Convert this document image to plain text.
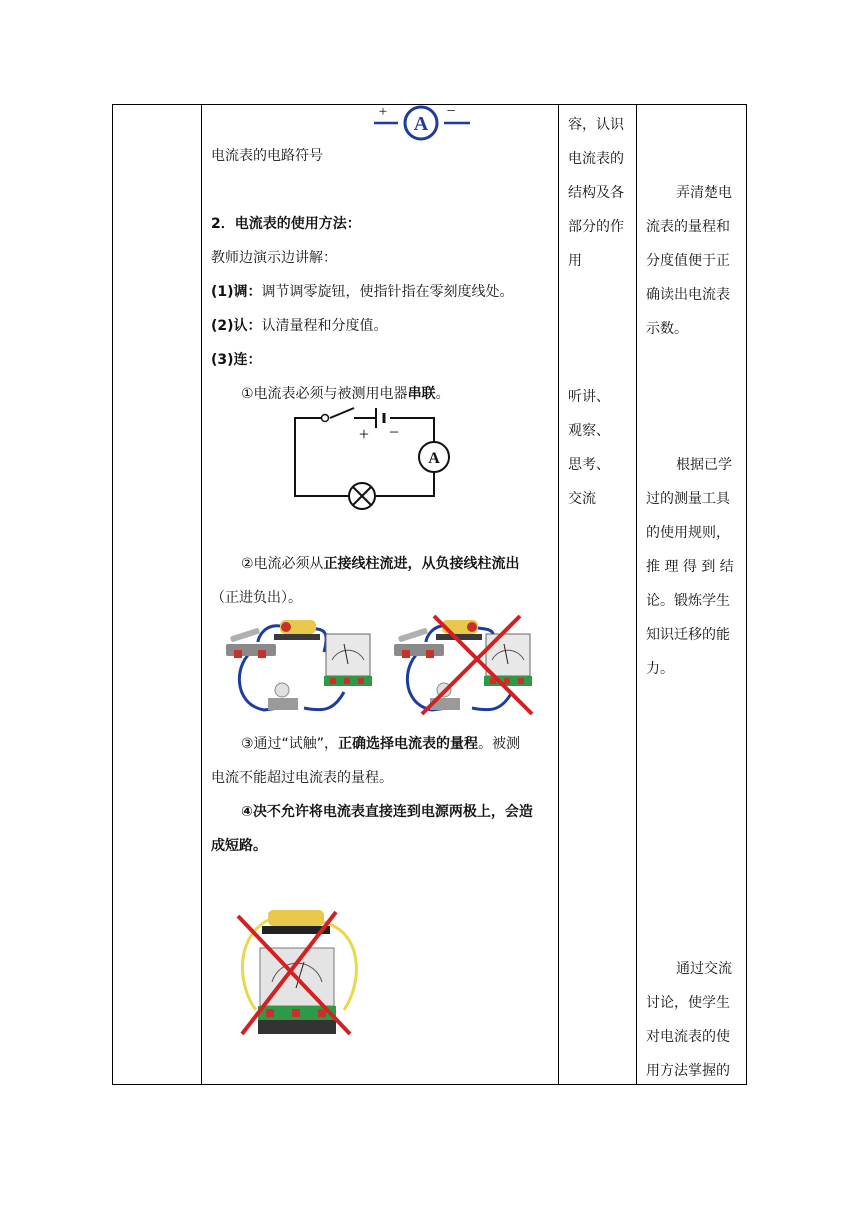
A
+	−
电流表的电路符号
2．电流表的使用方法：
教师边演示边讲解：
(1)调：调节调零旋钮，使指针指在零刻度线处。
(2)认：认清量程和分度值。
(3)连：
①电流表必须与被测用电器串联。
A
+ −
②电流必须从正接线柱流进，从负接线柱流出
（正进负出）。
③通过“试触”，正确选择电流表的量程。被测
电流不能超过电流表的量程。
④决不允许将电流表直接连到电源两极上，会造
成短路。
容，认识
电流表的
结构及各
部分的作
用
听讲、
观察、
思考、
交流
弄清楚电
流表的量程和
分度值便于正
确读出电流表
示数。
根据已学
过的测量工具
的使用规则，
推 理 得 到 结
论。锻炼学生
知识迁移的能
力。
通过交流
讨论，使学生
对电流表的使
用方法掌握的
